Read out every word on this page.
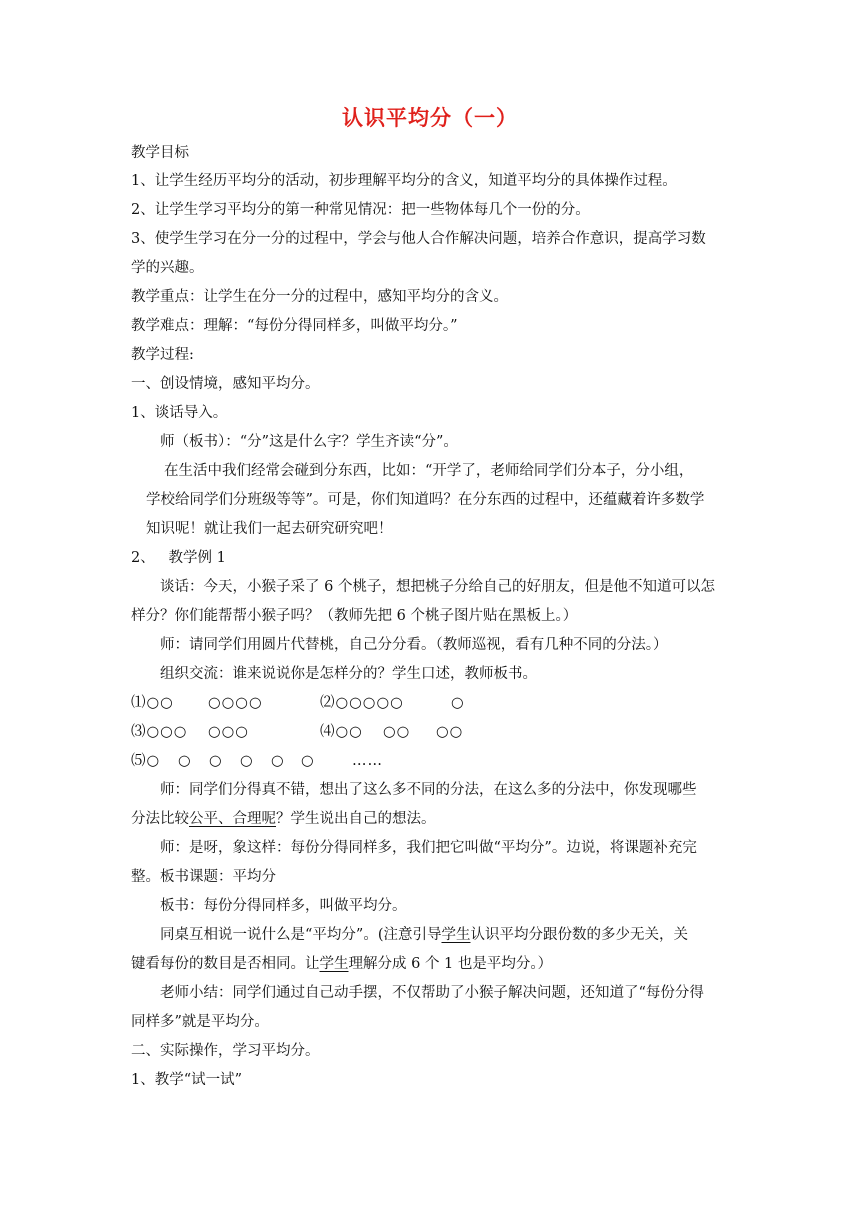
认识平均分（一）
教学目标
1、让学生经历平均分的活动，初步理解平均分的含义，知道平均分的具体操作过程。
2、让学生学习平均分的第一种常见情况：把一些物体每几个一份的分。
3、使学生学习在分一分的过程中，学会与他人合作解决问题，培养合作意识，提高学习数
学的兴趣。
教学重点：让学生在分一分的过程中，感知平均分的含义。
教学难点：理解：“每份分得同样多，叫做平均分。”
教学过程:
一、创设情境，感知平均分。
1、谈话导入。
师（板书）：“分”这是什么字？学生齐读“分”。
在生活中我们经常会碰到分东西，比如：“开学了，老师给同学们分本子，分小组，
学校给同学们分班级等等”。可是，你们知道吗？在分东西的过程中，还蕴藏着许多数学
知识呢！就让我们一起去研究研究吧！
2、   教学例 1
谈话：今天，小猴子采了 6 个桃子，想把桃子分给自己的好朋友，但是他不知道可以怎
样分？你们能帮帮小猴子吗？（教师先把 6 个桃子图片贴在黑板上。）
师：请同学们用圆片代替桃，自己分分看。（教师巡视，看有几种不同的分法。）
组织交流：谁来说说你是怎样分的？学生口述，教师板书。
⑴○○ ○○○○	⑵○○○○○	○
⑶○○○ ○○○	⑷○○ ○○ ○○
⑸○ ○ ○ ○ ○ ○	……
师：同学们分得真不错，想出了这么多不同的分法，在这么多的分法中，你发现哪些
分法比较公平、合理呢？学生说出自己的想法。
师：是呀，象这样：每份分得同样多，我们把它叫做“平均分”。边说，将课题补充完
整。板书课题：平均分
板书：每份分得同样多，叫做平均分。
同桌互相说一说什么是“平均分”。(注意引导学生认识平均分跟份数的多少无关，关
键看每份的数目是否相同。让学生理解分成 6 个 1 也是平均分。）
老师小结：同学们通过自己动手摆，不仅帮助了小猴子解决问题，还知道了“每份分得
同样多”就是平均分。
二、实际操作，学习平均分。
1、教学“试一试”
